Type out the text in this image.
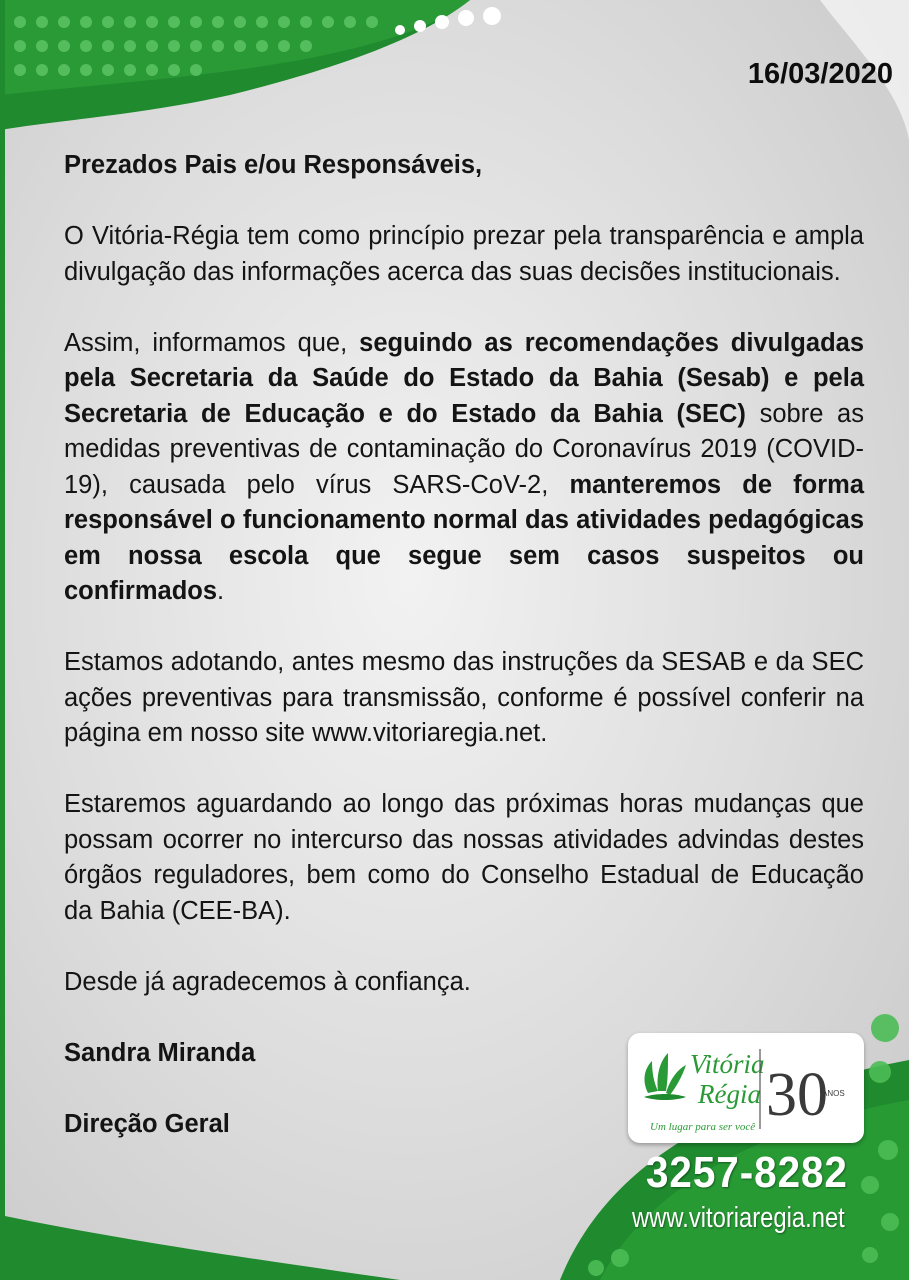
16/03/2020

Prezados Pais e/ou Responsáveis,

O Vitória-Régia tem como princípio prezar pela transparência e ampla divulgação das informações acerca das suas decisões institucionais.

Assim, informamos que, seguindo as recomendações divulgadas pela Secretaria da Saúde do Estado da Bahia (Sesab) e pela Secretaria de Educação e do Estado da Bahia (SEC) sobre as medidas preventivas de contaminação do Coronavírus 2019 (COVID-19), causada pelo vírus SARS-CoV-2, manteremos de forma responsável o funcionamento normal das atividades pedagógicas em nossa escola que segue sem casos suspeitos ou confirmados.

Estamos adotando, antes mesmo das instruções da SESAB e da SEC ações preventivas para transmissão, conforme é possível conferir na página em nosso site www.vitoriaregia.net.

Estaremos aguardando ao longo das próximas horas mudanças que possam ocorrer no intercurso das nossas atividades advindas destes órgãos reguladores, bem como do Conselho Estadual de Educação da Bahia (CEE-BA).

Desde já agradecemos à confiança.

Sandra Miranda

Direção Geral

Vitória
Régia
Um lugar para ser você 30
ANOS
3257-8282
www.vitoriaregia.net
